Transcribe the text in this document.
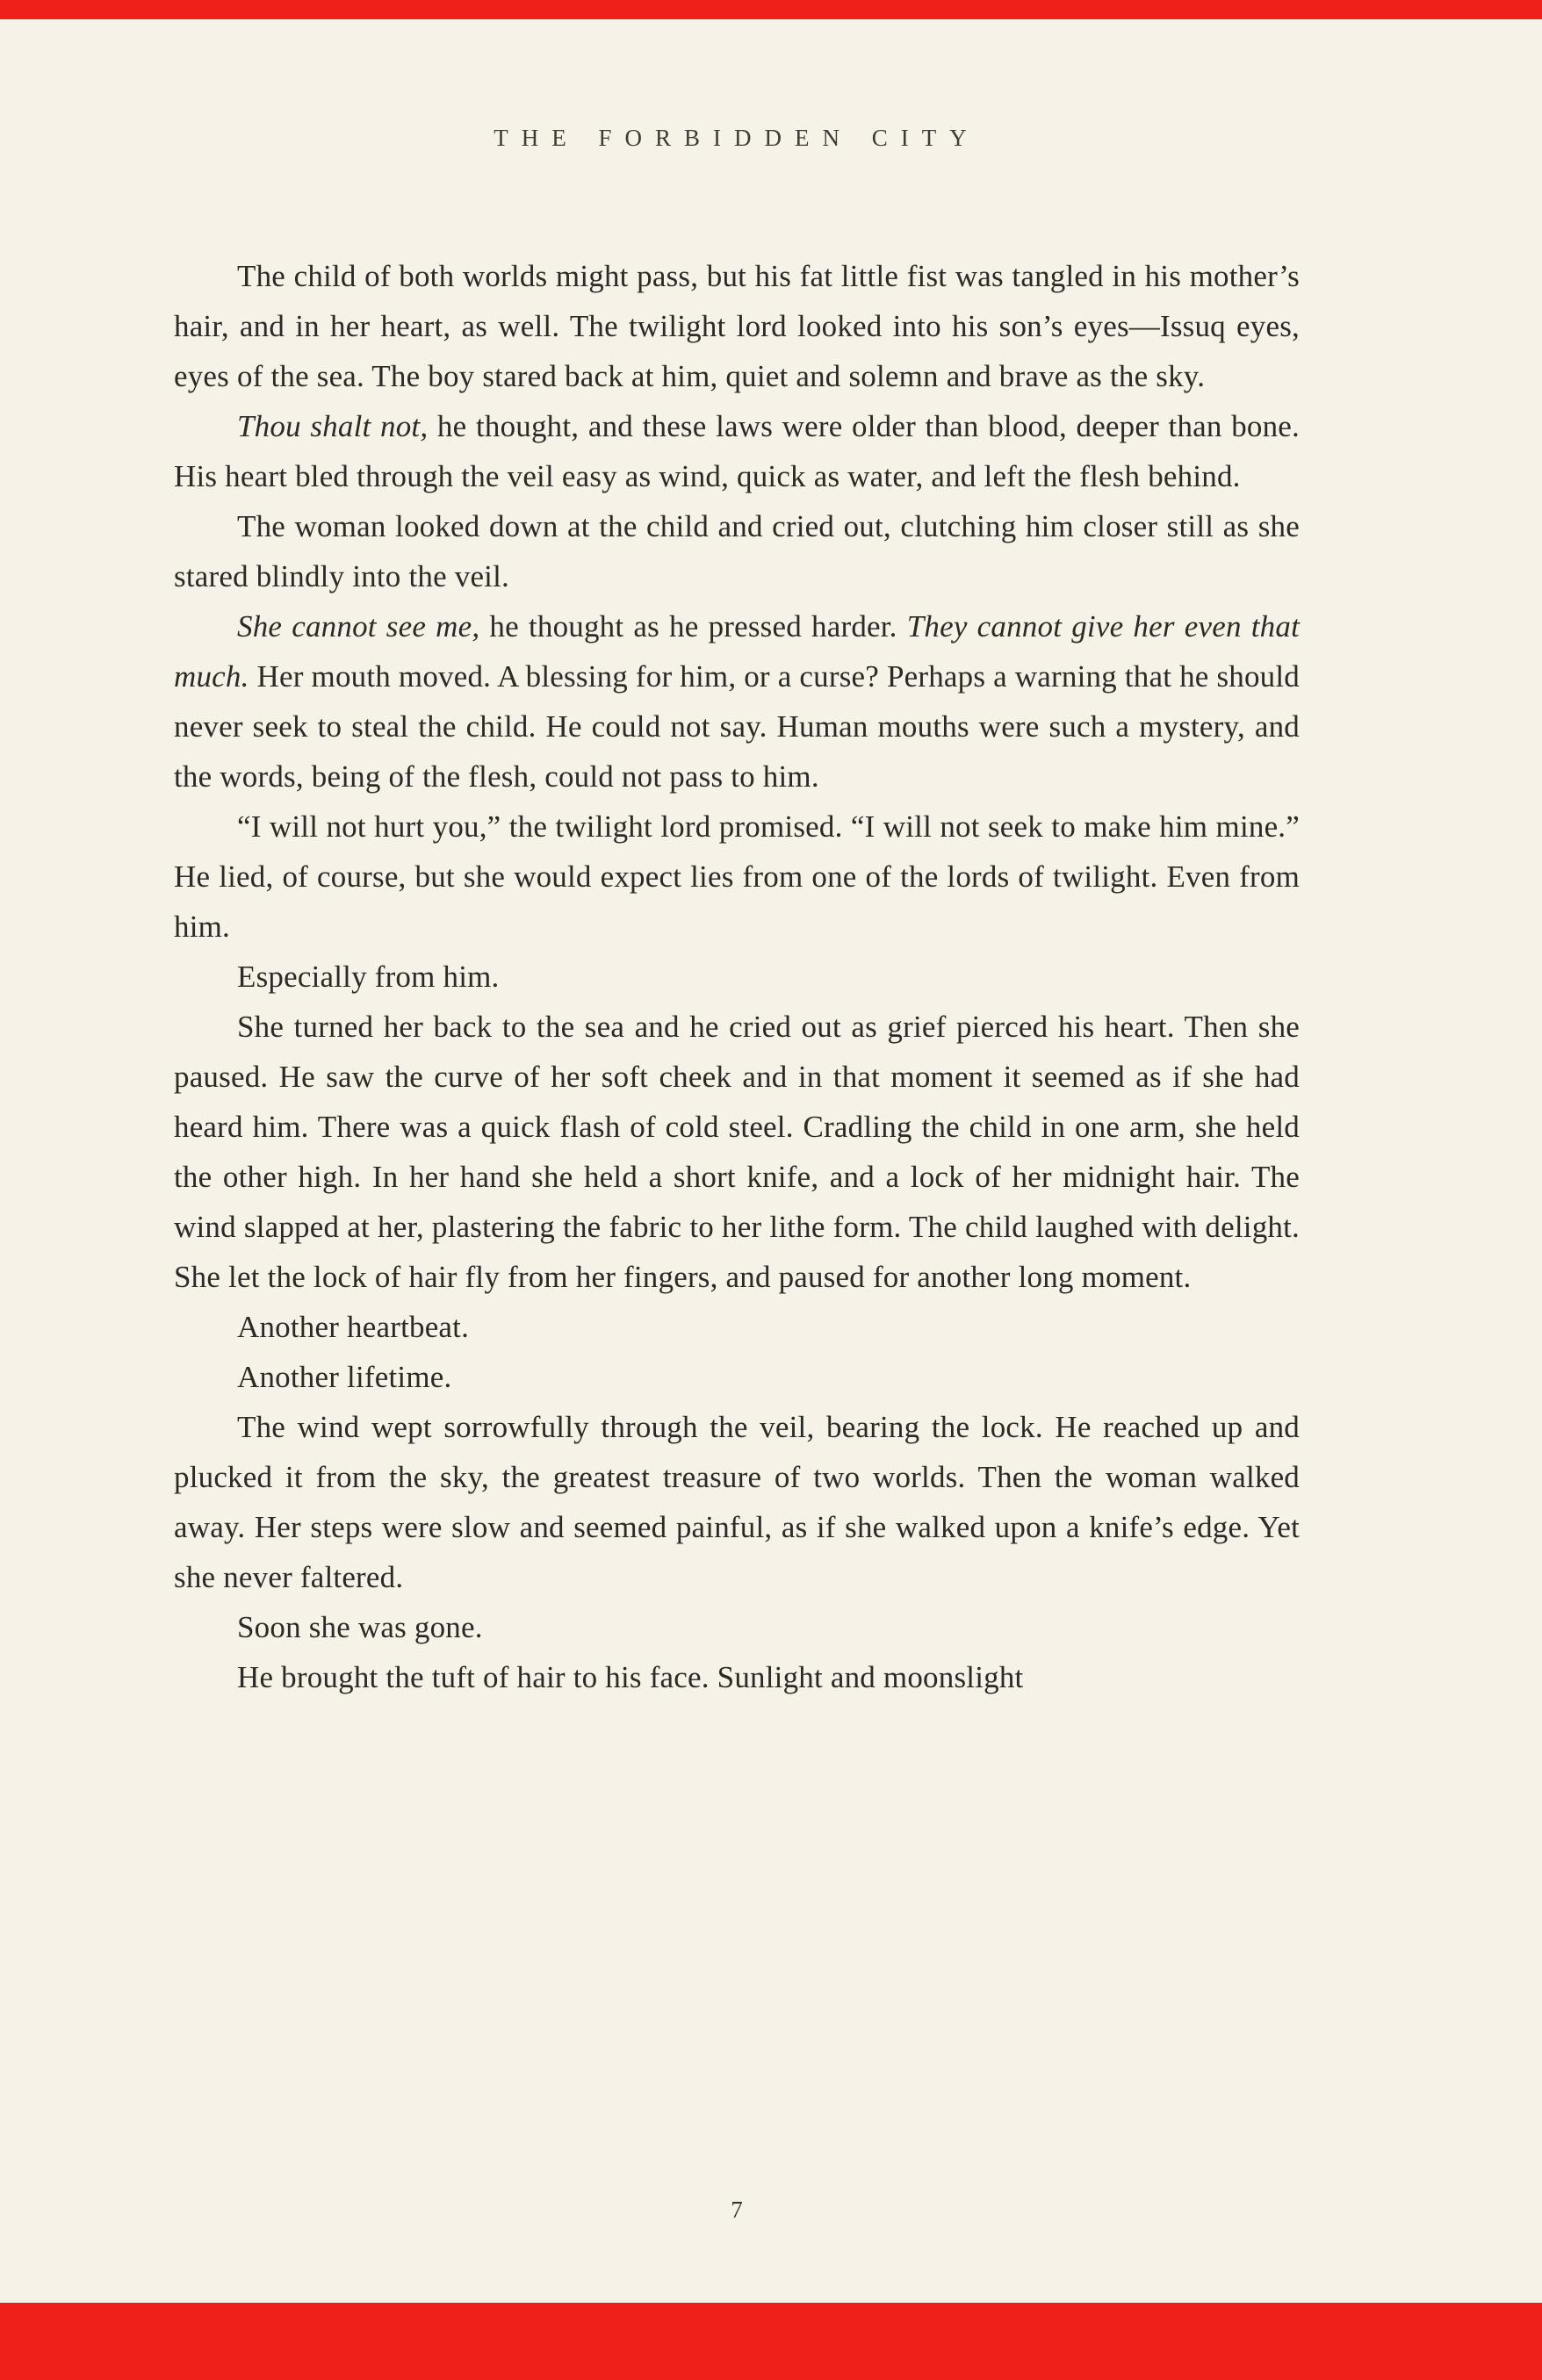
THE FORBIDDEN CITY

The child of both worlds might pass, but his fat little fist was tangled in his mother’s hair, and in her heart, as well. The twilight lord looked into his son’s eyes—Issuq eyes, eyes of the sea. The boy stared back at him, quiet and solemn and brave as the sky.

Thou shalt not, he thought, and these laws were older than blood, deeper than bone. His heart bled through the veil easy as wind, quick as water, and left the flesh behind.

The woman looked down at the child and cried out, clutching him closer still as she stared blindly into the veil.

She cannot see me, he thought as he pressed harder. They cannot give her even that much. Her mouth moved. A blessing for him, or a curse? Perhaps a warning that he should never seek to steal the child. He could not say. Human mouths were such a mystery, and the words, being of the flesh, could not pass to him.

“I will not hurt you,” the twilight lord promised. “I will not seek to make him mine.” He lied, of course, but she would expect lies from one of the lords of twilight. Even from him.

Especially from him.

She turned her back to the sea and he cried out as grief pierced his heart. Then she paused. He saw the curve of her soft cheek and in that moment it seemed as if she had heard him. There was a quick flash of cold steel. Cradling the child in one arm, she held the other high. In her hand she held a short knife, and a lock of her midnight hair. The wind slapped at her, plastering the fabric to her lithe form. The child laughed with delight. She let the lock of hair fly from her fingers, and paused for another long moment.

Another heartbeat.

Another lifetime.

The wind wept sorrowfully through the veil, bearing the lock. He reached up and plucked it from the sky, the greatest treasure of two worlds. Then the woman walked away. Her steps were slow and seemed painful, as if she walked upon a knife’s edge. Yet she never faltered.

Soon she was gone.

He brought the tuft of hair to his face. Sunlight and moonslight

7
